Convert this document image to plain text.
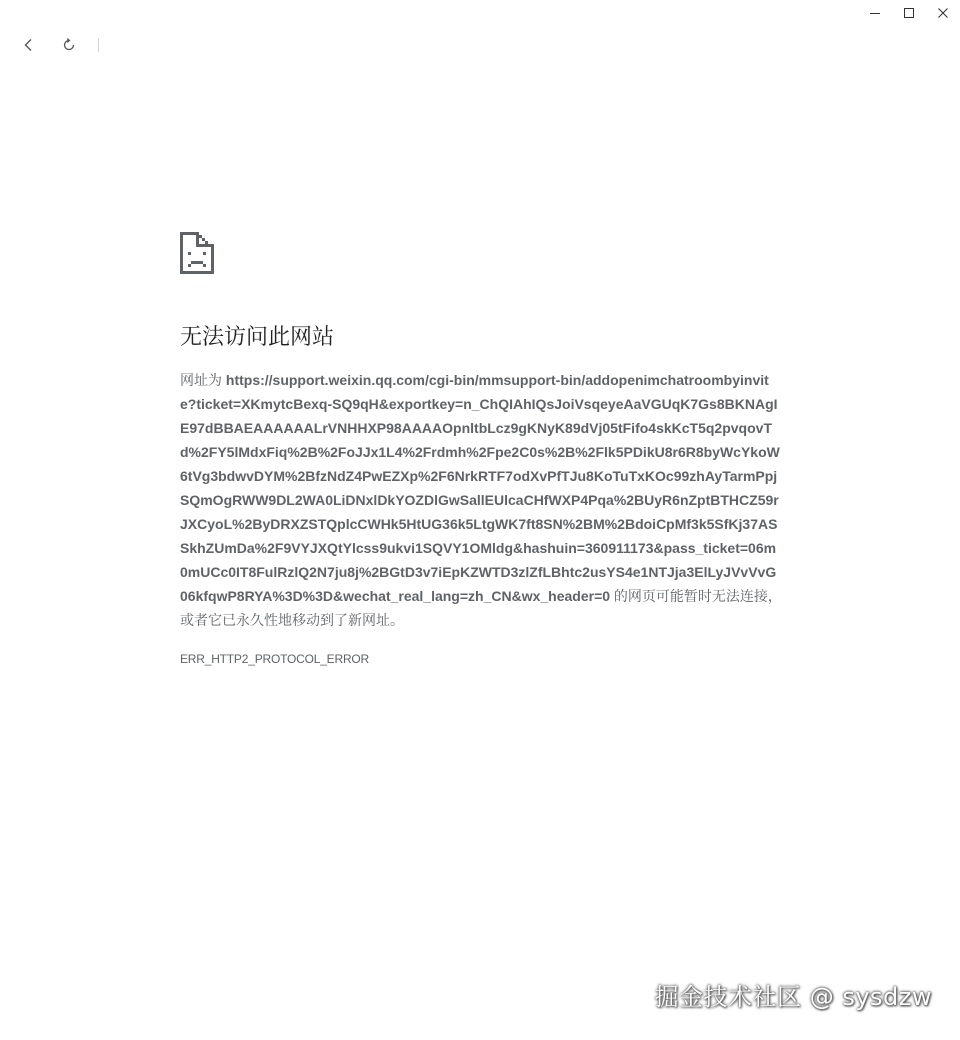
无法访问此网站

网址为 https://support.weixin.qq.com/cgi-bin/mmsupport-bin/addopenimchatroombyinvite?ticket=XKmytcBexq-SQ9qH&exportkey=n_ChQIAhIQsJoiVsqeyeAaVGUqK7Gs8BKNAgIE97dBBAEAAAAAALrVNHHXP98AAAAOpnltbLcz9gKNyK89dVj05tFifo4skKcT5q2pvqovTd%2FY5lMdxFiq%2B%2FoJJx1L4%2Frdmh%2Fpe2C0s%2B%2Flk5PDikU8r6R8byWcYkoW6tVg3bdwvDYM%2BfzNdZ4PwEZXp%2F6NrkRTF7odXvPfTJu8KoTuTxKOc99zhAyTarmPpjSQmOgRWW9DL2WA0LiDNxlDkYOZDlGwSallEUlcaCHfWXP4Pqa%2BUyR6nZptBTHCZ59rJXCyoL%2ByDRXZSTQplcCWHk5HtUG36k5LtgWK7ft8SN%2BM%2BdoiCpMf3k5SfKj37ASSkhZUmDa%2F9VYJXQtYlcss9ukvi1SQVY1OMldg&hashuin=360911173&pass_ticket=06m0mUCc0IT8FulRzlQ2N7ju8j%2BGtD3v7iEpKZWTD3zlZfLBhtc2usYS4e1NTJja3ElLyJVvVvG06kfqwP8RYA%3D%3D&wechat_real_lang=zh_CN&wx_header=0 的网页可能暂时无法连接，或者它已永久性地移动到了新网址。

ERR_HTTP2_PROTOCOL_ERROR
掘金技术社区 @ sysdzw
